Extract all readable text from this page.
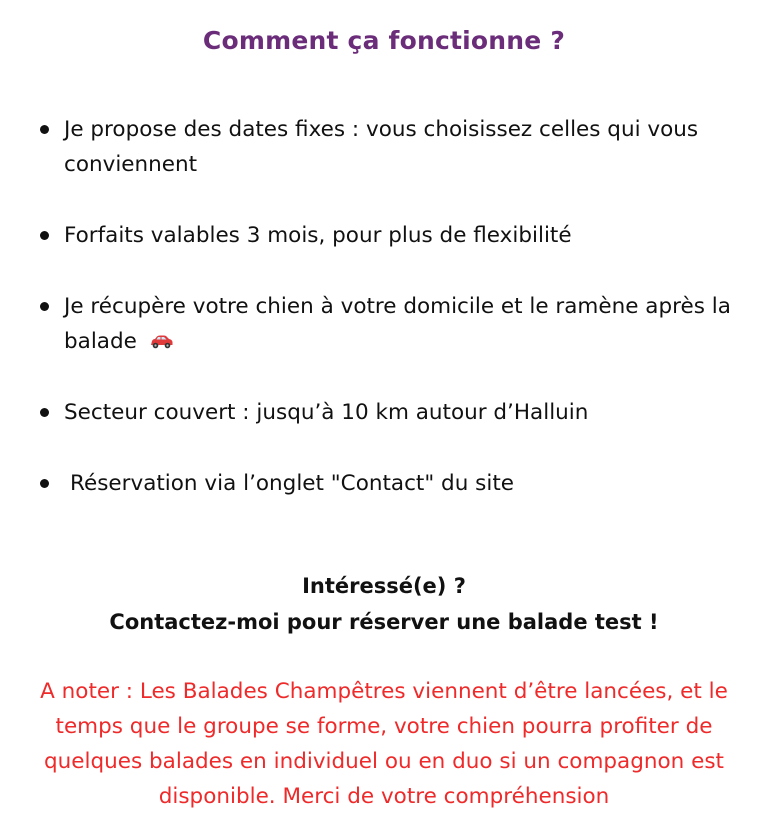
Comment ça fonctionne ?
Je propose des dates fixes : vous choisissez celles qui vous conviennent
Forfaits valables 3 mois, pour plus de flexibilité
Je récupère votre chien à votre domicile et le ramène après la balade
Secteur couvert : jusqu’à 10 km autour d’Halluin
Réservation via l’onglet "Contact" du site
Intéressé(e) ?
Contactez-moi pour réserver une balade test !
A noter : Les Balades Champêtres viennent d’être lancées, et le temps que le groupe se forme, votre chien pourra profiter de quelques balades en individuel ou en duo si un compagnon est disponible. Merci de votre compréhension
